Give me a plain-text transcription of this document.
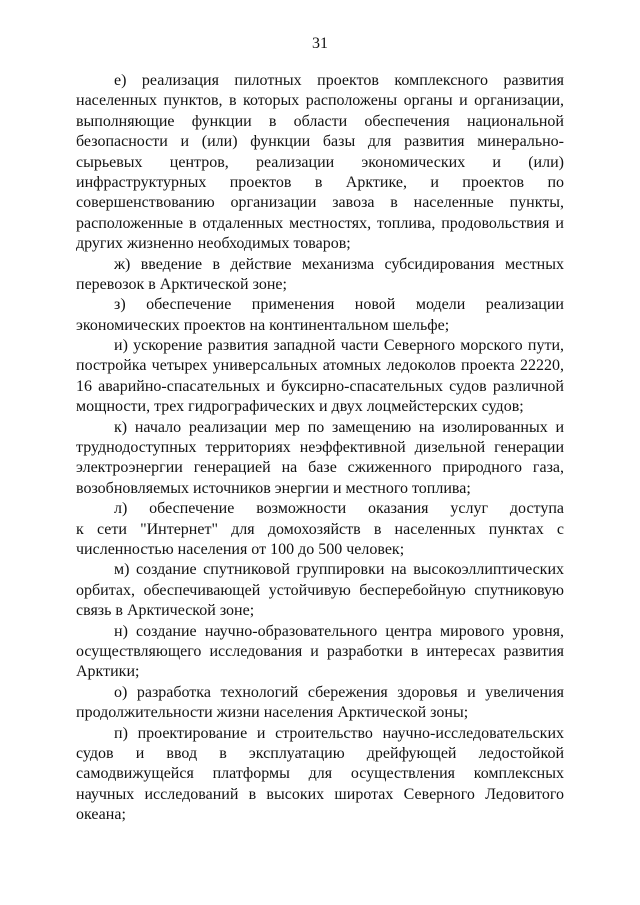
31
е) реализация пилотных проектов комплексного развития
населенных пунктов, в которых расположены органы и организации,
выполняющие функции в области обеспечения национальной
безопасности и (или) функции базы для развития минерально-
сырьевых центров, реализации экономических и (или)
инфраструктурных проектов в Арктике, и проектов по
совершенствованию организации завоза в населенные пункты,
расположенные в отдаленных местностях, топлива, продовольствия и
других жизненно необходимых товаров;
ж) введение в действие механизма субсидирования местных
перевозок в Арктической зоне;
з) обеспечение применения новой модели реализации
экономических проектов на континентальном шельфе;
и) ускорение развития западной части Северного морского пути,
постройка четырех универсальных атомных ледоколов проекта 22220,
16 аварийно-спасательных и буксирно-спасательных судов различной
мощности, трех гидрографических и двух лоцмейстерских судов;
к) начало реализации мер по замещению на изолированных и
труднодоступных территориях неэффективной дизельной генерации
электроэнергии генерацией на базе сжиженного природного газа,
возобновляемых источников энергии и местного топлива;
л) обеспечение возможности оказания услуг доступа
к сети "Интернет" для домохозяйств в населенных пунктах с
численностью населения от 100 до 500 человек;
м) создание спутниковой группировки на высокоэллиптических
орбитах, обеспечивающей устойчивую бесперебойную спутниковую
связь в Арктической зоне;
н) создание научно-образовательного центра мирового уровня,
осуществляющего исследования и разработки в интересах развития
Арктики;
о) разработка технологий сбережения здоровья и увеличения
продолжительности жизни населения Арктической зоны;
п) проектирование и строительство научно-исследовательских
судов и ввод в эксплуатацию дрейфующей ледостойкой
самодвижущейся платформы для осуществления комплексных
научных исследований в высоких широтах Северного Ледовитого
океана;
